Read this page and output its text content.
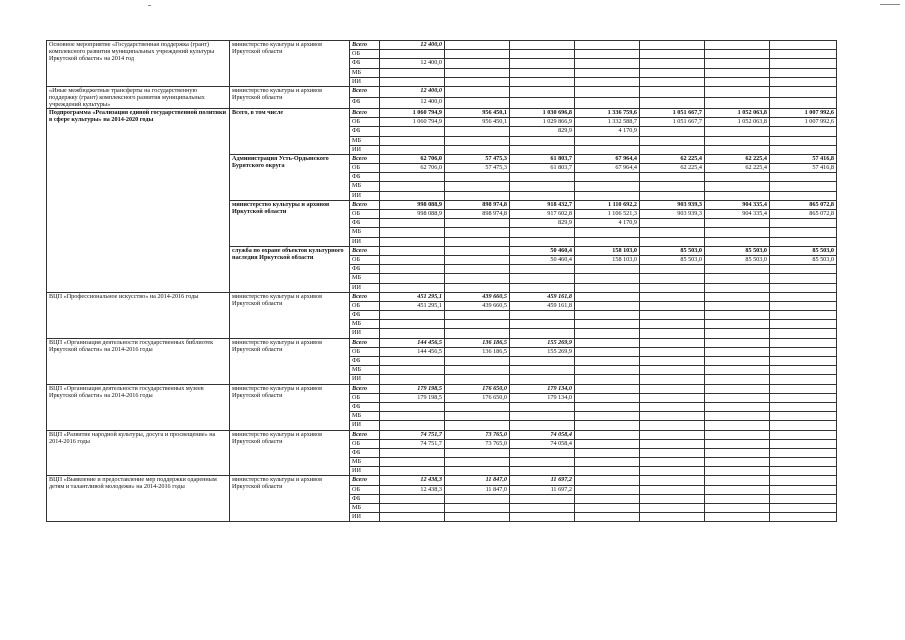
Основное мероприятие «Государственная поддержка (грант) комплексного развития муниципальных учреждений культуры Иркутской области» на 2014 год	министерство культуры и архивов Иркутской области	Всего	12 400,0						
		ОБ							
		ФБ	12 400,0						
		МБ							
		ИИ							
«Иные межбюджетные трансферты на государственную поддержку (грант) комплексного развития муниципальных учреждений культуры»	министерство культуры и архивов Иркутской области	Всего	12 400,0						
		ФБ	12 400,0						
Подпрограмма «Реализация единой государственной политики в сфере культуры» на 2014-2020 годы	Всего, в том числе	Всего	1 060 794,9	956 450,1	1 030 696,8	1 336 759,6	1 051 667,7	1 052 063,8	1 007 992,6
		ОБ	1 060 794,9	956 450,1	1 029 866,9	1 332 588,7	1 051 667,7	1 052 063,8	1 007 992,6
		ФБ			829,9	4 170,9			
		МБ							
		ИИ							
	Администрация Усть-Ордынского Бурятского округа	Всего	62 706,0	57 475,3	61 803,7	67 964,4	62 225,4	62 225,4	57 416,8
		ОБ	62 706,0	57 475,3	61 803,7	67 964,4	62 225,4	62 225,4	57 416,8
		ФБ							
		МБ							
		ИИ							
	министерство культуры и архивов Иркутской области	Всего	998 088,9	898 974,8	918 432,7	1 110 692,2	903 939,3	904 335,4	865 072,8
		ОБ	998 088,9	898 974,8	917 602,8	1 106 521,3	903 939,3	904 335,4	865 072,8
		ФБ			829,9	4 170,9			
		МБ							
		ИИ							
	служба по охране объектов культурного наследия Иркутской области	Всего			50 460,4	158 103,0	85 503,0	85 503,0	85 503,0
		ОБ			50 460,4	158 103,0	85 503,0	85 503,0	85 503,0
		ФБ							
		МБ							
		ИИ							
ВЦП «Профессиональное искусство» на 2014-2016 годы	министерство культуры и архивов Иркутской области	Всего	451 295,1	439 660,5	459 161,8				
		ОБ	451 295,1	439 660,5	459 161,8				
		ФБ							
		МБ							
		ИИ							
ВЦП «Организация деятельности государственных библиотек Иркутской области» на 2014-2016 годы	министерство культуры и архивов Иркутской области	Всего	144 456,5	136 186,5	155 269,9				
		ОБ	144 456,5	136 186,5	155 269,9				
		ФБ							
		МБ							
		ИИ							
ВЦП «Организация деятельности государственных музеев Иркутской области» на 2014-2016 годы	министерство культуры и архивов Иркутской области	Всего	179 198,5	176 650,0	179 134,0				
		ОБ	179 198,5	176 650,0	179 134,0				
		ФБ							
		МБ							
		ИИ							
ВЦП «Развитие народной культуры, досуга и просвещение» на 2014-2016 годы	министерство культуры и архивов Иркутской области	Всего	74 751,7	73 765,0	74 058,4				
		ОБ	74 751,7	73 765,0	74 058,4				
		ФБ							
		МБ							
		ИИ							
ВЦП «Выявление и предоставление мер поддержки одаренным детям и талантливой молодежи» на 2014-2016 годы	министерство культуры и архивов Иркутской области	Всего	12 438,3	11 847,0	11 697,2				
		ОБ	12 438,3	11 847,0	11 697,2				
		ФБ							
		МБ							
		ИИ							
